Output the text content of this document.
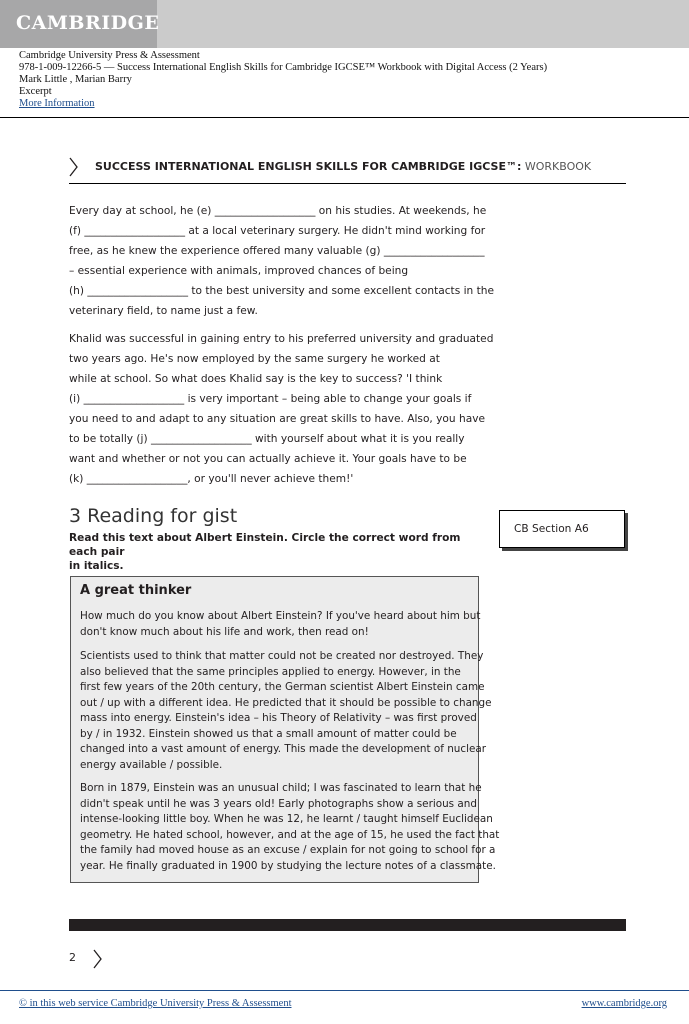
CAMBRIDGE
Cambridge University Press & Assessment
978-1-009-12266-5 — Success International English Skills for Cambridge IGCSE™ Workbook with Digital Access (2 Years)
Mark Little , Marian Barry
Excerpt
More Information
SUCCESS INTERNATIONAL ENGLISH SKILLS FOR CAMBRIDGE IGCSE™: WORKBOOK
Every day at school, he (e) ___________________ on his studies. At weekends, he
(f) ___________________ at a local veterinary surgery. He didn't mind working for
free, as he knew the experience offered many valuable (g) ___________________
– essential experience with animals, improved chances of being
(h) ___________________ to the best university and some excellent contacts in the
veterinary field, to name just a few.
Khalid was successful in gaining entry to his preferred university and graduated
two years ago. He's now employed by the same surgery he worked at
while at school. So what does Khalid say is the key to success? 'I think
(i) ___________________ is very important – being able to change your goals if
you need to and adapt to any situation are great skills to have. Also, you have
to be totally (j) ___________________ with yourself about what it is you really
want and whether or not you can actually achieve it. Your goals have to be
(k) ___________________, or you'll never achieve them!'
3 Reading for gist
Read this text about Albert Einstein. Circle the correct word from each pair
in italics.
CB Section A6
A great thinker
How much do you know about Albert Einstein? If you've heard about him but
don't know much about his life and work, then read on!
Scientists used to think that matter could not be created nor destroyed. They
also believed that the same principles applied to energy. However, in the
first few years of the 20th century, the German scientist Albert Einstein came
out / up with a different idea. He predicted that it should be possible to change
mass into energy. Einstein's idea – his Theory of Relativity – was first proved
by / in 1932. Einstein showed us that a small amount of matter could be
changed into a vast amount of energy. This made the development of nuclear
energy available / possible.
Born in 1879, Einstein was an unusual child; I was fascinated to learn that he
didn't speak until he was 3 years old! Early photographs show a serious and
intense-looking little boy. When he was 12, he learnt / taught himself Euclidean
geometry. He hated school, however, and at the age of 15, he used the fact that
the family had moved house as an excuse / explain for not going to school for a
year. He finally graduated in 1900 by studying the lecture notes of a classmate.
2
© in this web service Cambridge University Press & Assessment	www.cambridge.org
